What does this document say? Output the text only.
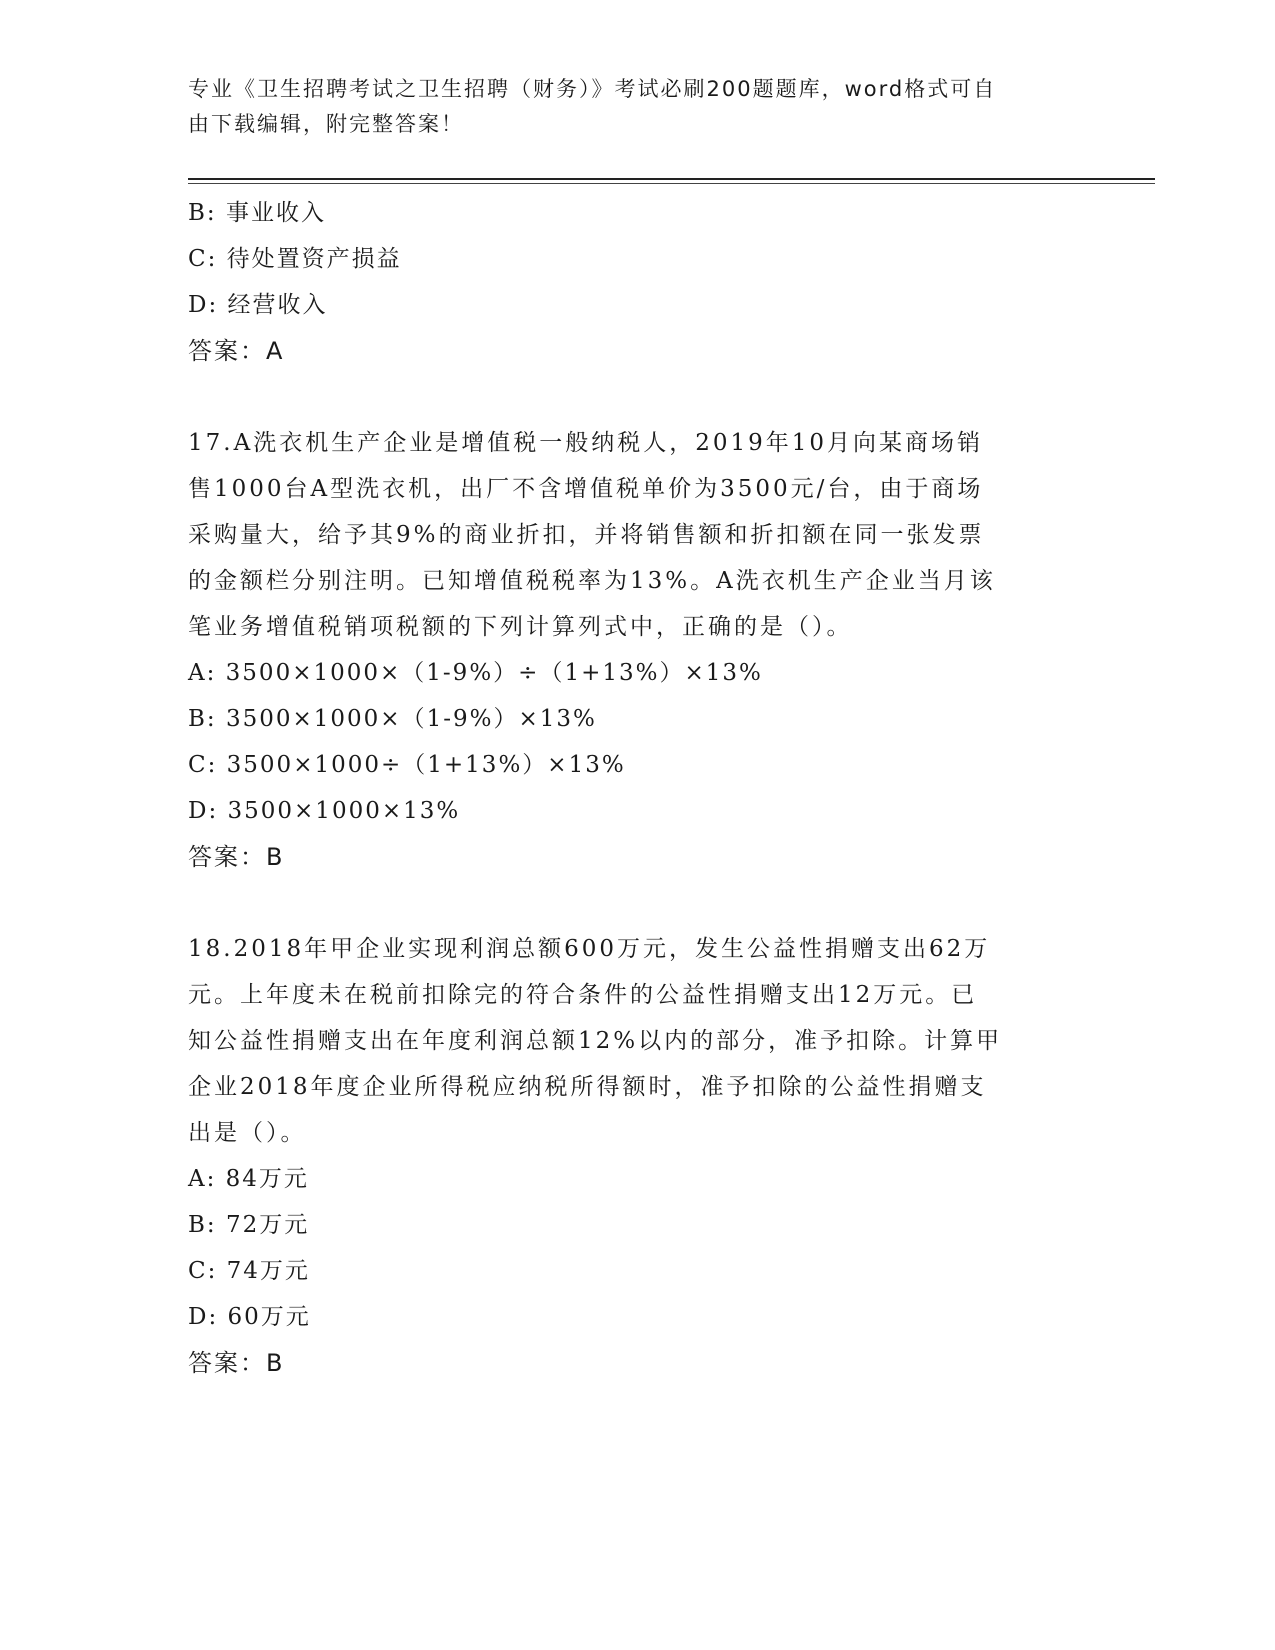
专业《卫生招聘考试之卫生招聘（财务）》考试必刷200题题库，word格式可自
由下载编辑，附完整答案！
B: 事业收入
C: 待处置资产损益
D: 经营收入
答案：A
17.A洗衣机生产企业是增值税一般纳税人，2019年10月向某商场销
售1000台A型洗衣机，出厂不含增值税单价为3500元/台，由于商场
采购量大，给予其9%的商业折扣，并将销售额和折扣额在同一张发票
的金额栏分别注明。已知增值税税率为13%。A洗衣机生产企业当月该
笔业务增值税销项税额的下列计算列式中，正确的是（）。
A: 3500×1000×（1-9%）÷（1+13%）×13%
B: 3500×1000×（1-9%）×13%
C: 3500×1000÷（1+13%）×13%
D: 3500×1000×13%
答案：B
18.2018年甲企业实现利润总额600万元，发生公益性捐赠支出62万
元。上年度未在税前扣除完的符合条件的公益性捐赠支出12万元。已
知公益性捐赠支出在年度利润总额12%以内的部分，准予扣除。计算甲
企业2018年度企业所得税应纳税所得额时，准予扣除的公益性捐赠支
出是（）。
A: 84万元
B: 72万元
C: 74万元
D: 60万元
答案：B
